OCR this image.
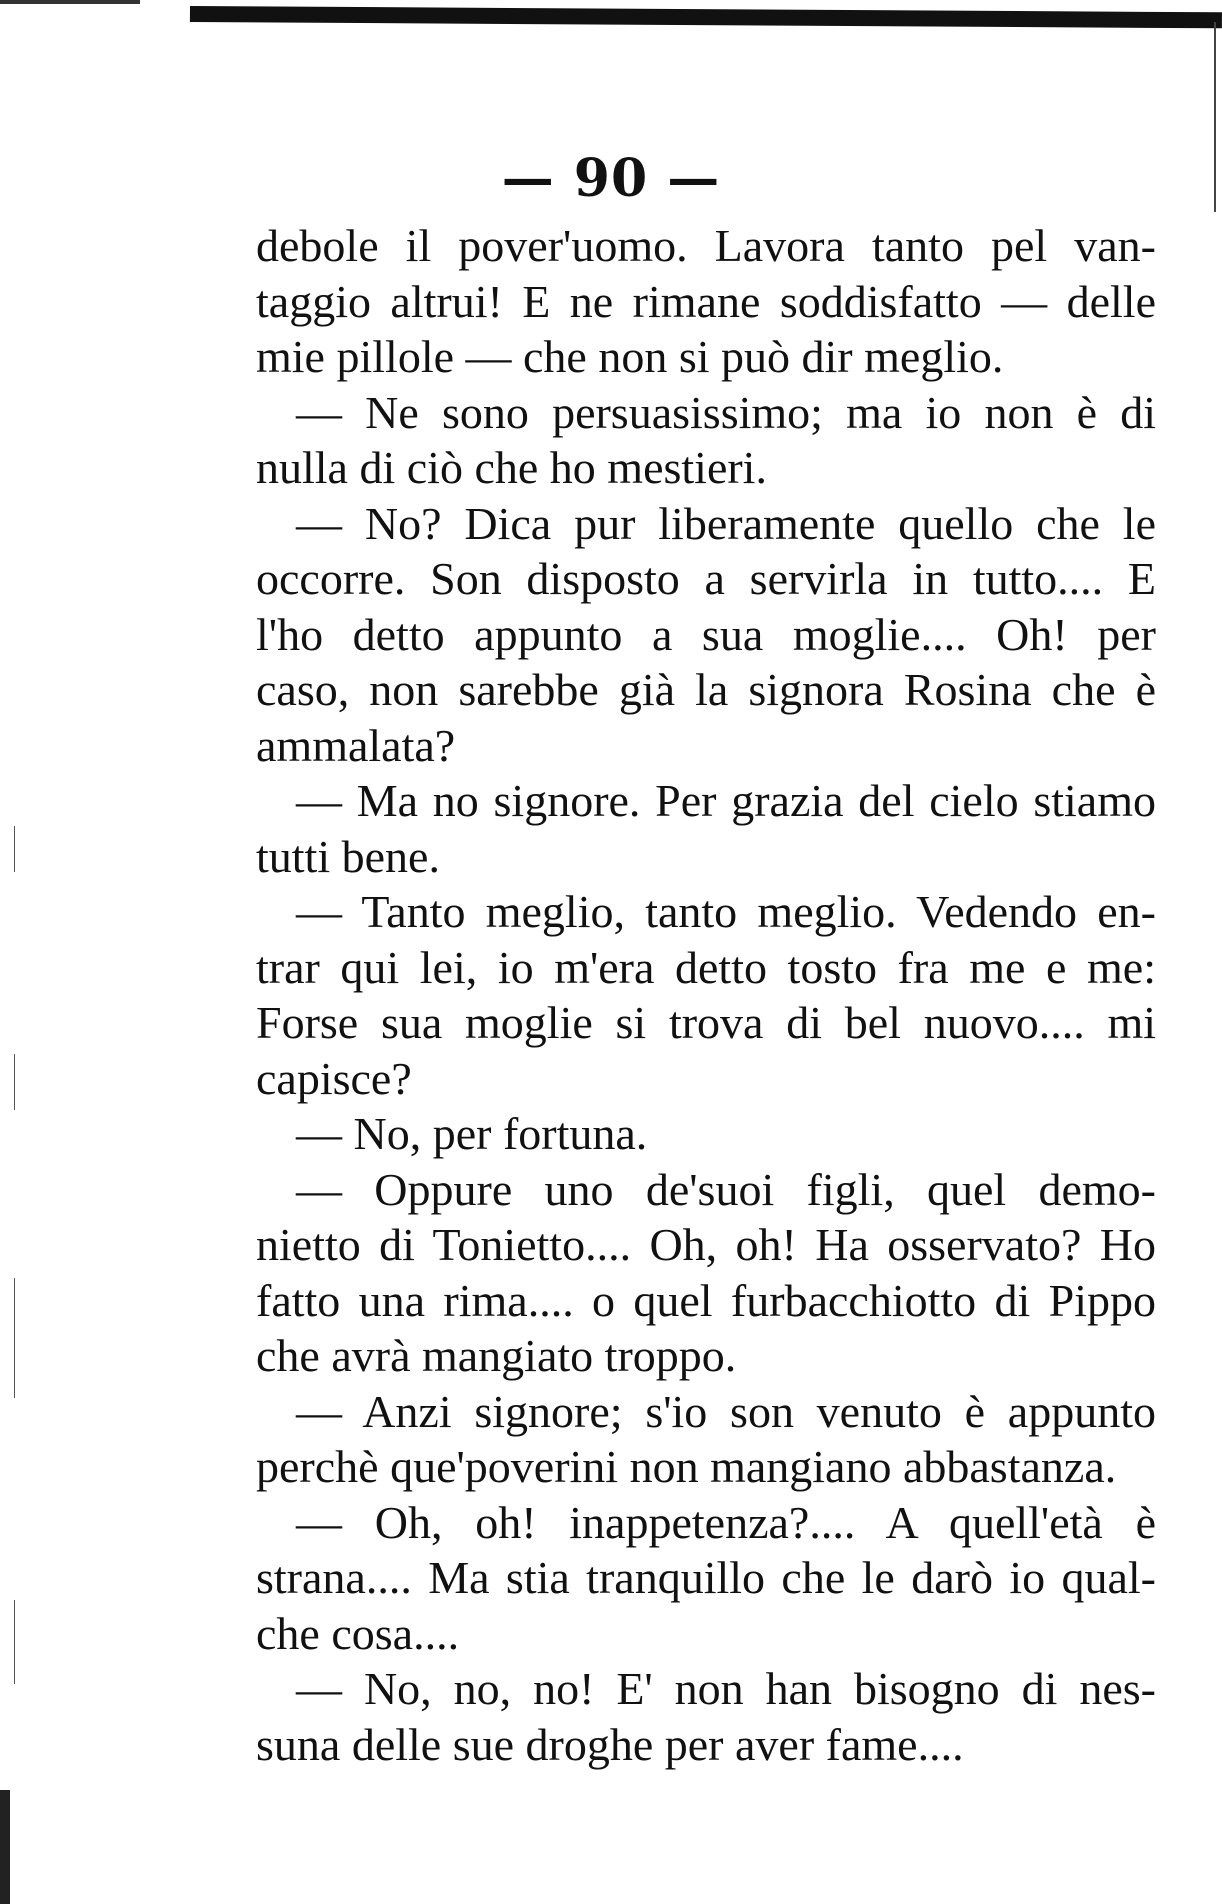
— 90 —
debole il pover'uomo. Lavora tanto pel van-
taggio altrui! E ne rimane soddisfatto — delle
mie pillole — che non si può dir meglio.
— Ne sono persuasissimo; ma io non è di
nulla di ciò che ho mestieri.
— No? Dica pur liberamente quello che le
occorre. Son disposto a servirla in tutto.... E
l'ho detto appunto a sua moglie.... Oh! per
caso, non sarebbe già la signora Rosina che è
ammalata?
— Ma no signore. Per grazia del cielo stiamo
tutti bene.
— Tanto meglio, tanto meglio. Vedendo en-
trar qui lei, io m'era detto tosto fra me e me:
Forse sua moglie si trova di bel nuovo.... mi
capisce?
— No, per fortuna.
— Oppure uno de'suoi figli, quel demo-
nietto di Tonietto.... Oh, oh! Ha osservato? Ho
fatto una rima.... o quel furbacchiotto di Pippo
che avrà mangiato troppo.
— Anzi signore; s'io son venuto è appunto
perchè que'poverini non mangiano abbastanza.
— Oh, oh! inappetenza?.... A quell'età è
strana.... Ma stia tranquillo che le darò io qual-
che cosa....
— No, no, no! E' non han bisogno di nes-
suna delle sue droghe per aver fame....
